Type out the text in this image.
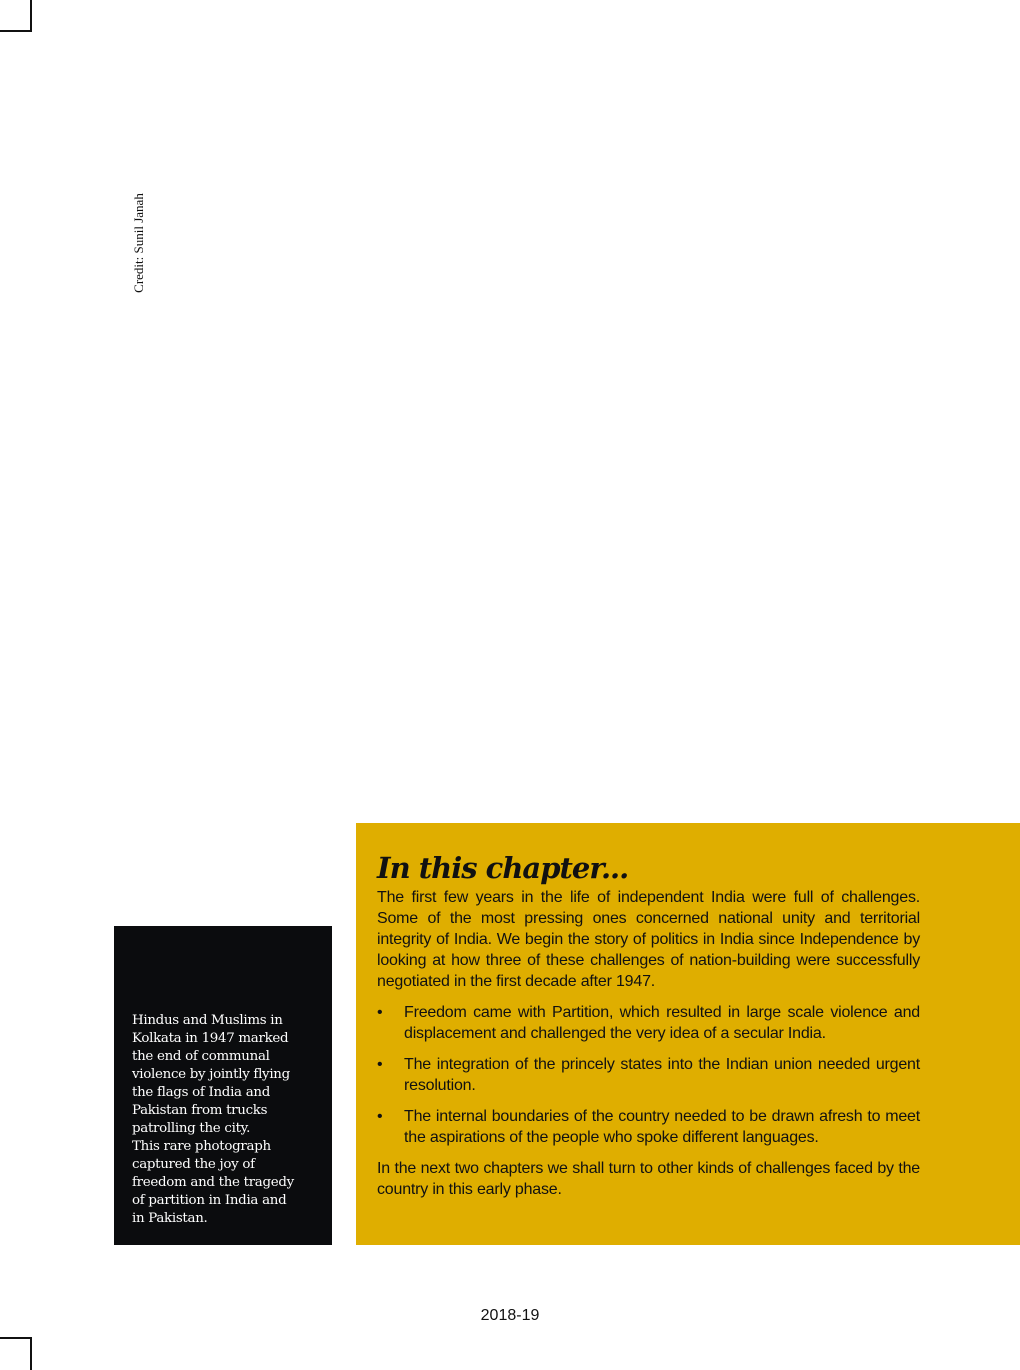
Credit: Sunil Janah
Hindus and Muslims in
Kolkata in 1947 marked
the end of communal
violence by jointly flying
the flags of India and
Pakistan from trucks
patrolling the city.
This rare photograph
captured the joy of
freedom and the tragedy
of partition in India and
in Pakistan.
In this chapter...

The first few years in the life of independent India were full of challenges. Some of the most pressing ones concerned national unity and territorial integrity of India. We begin the story of politics in India since Independence by looking at how three of these challenges of nation-building were successfully negotiated in the first decade after 1947.

• Freedom came with Partition, which resulted in large scale violence and displacement and challenged the very idea of a secular India.
• The integration of the princely states into the Indian union needed urgent resolution.
• The internal boundaries of the country needed to be drawn afresh to meet the aspirations of the people who spoke different languages.

In the next two chapters we shall turn to other kinds of challenges faced by the country in this early phase.

2018-19
